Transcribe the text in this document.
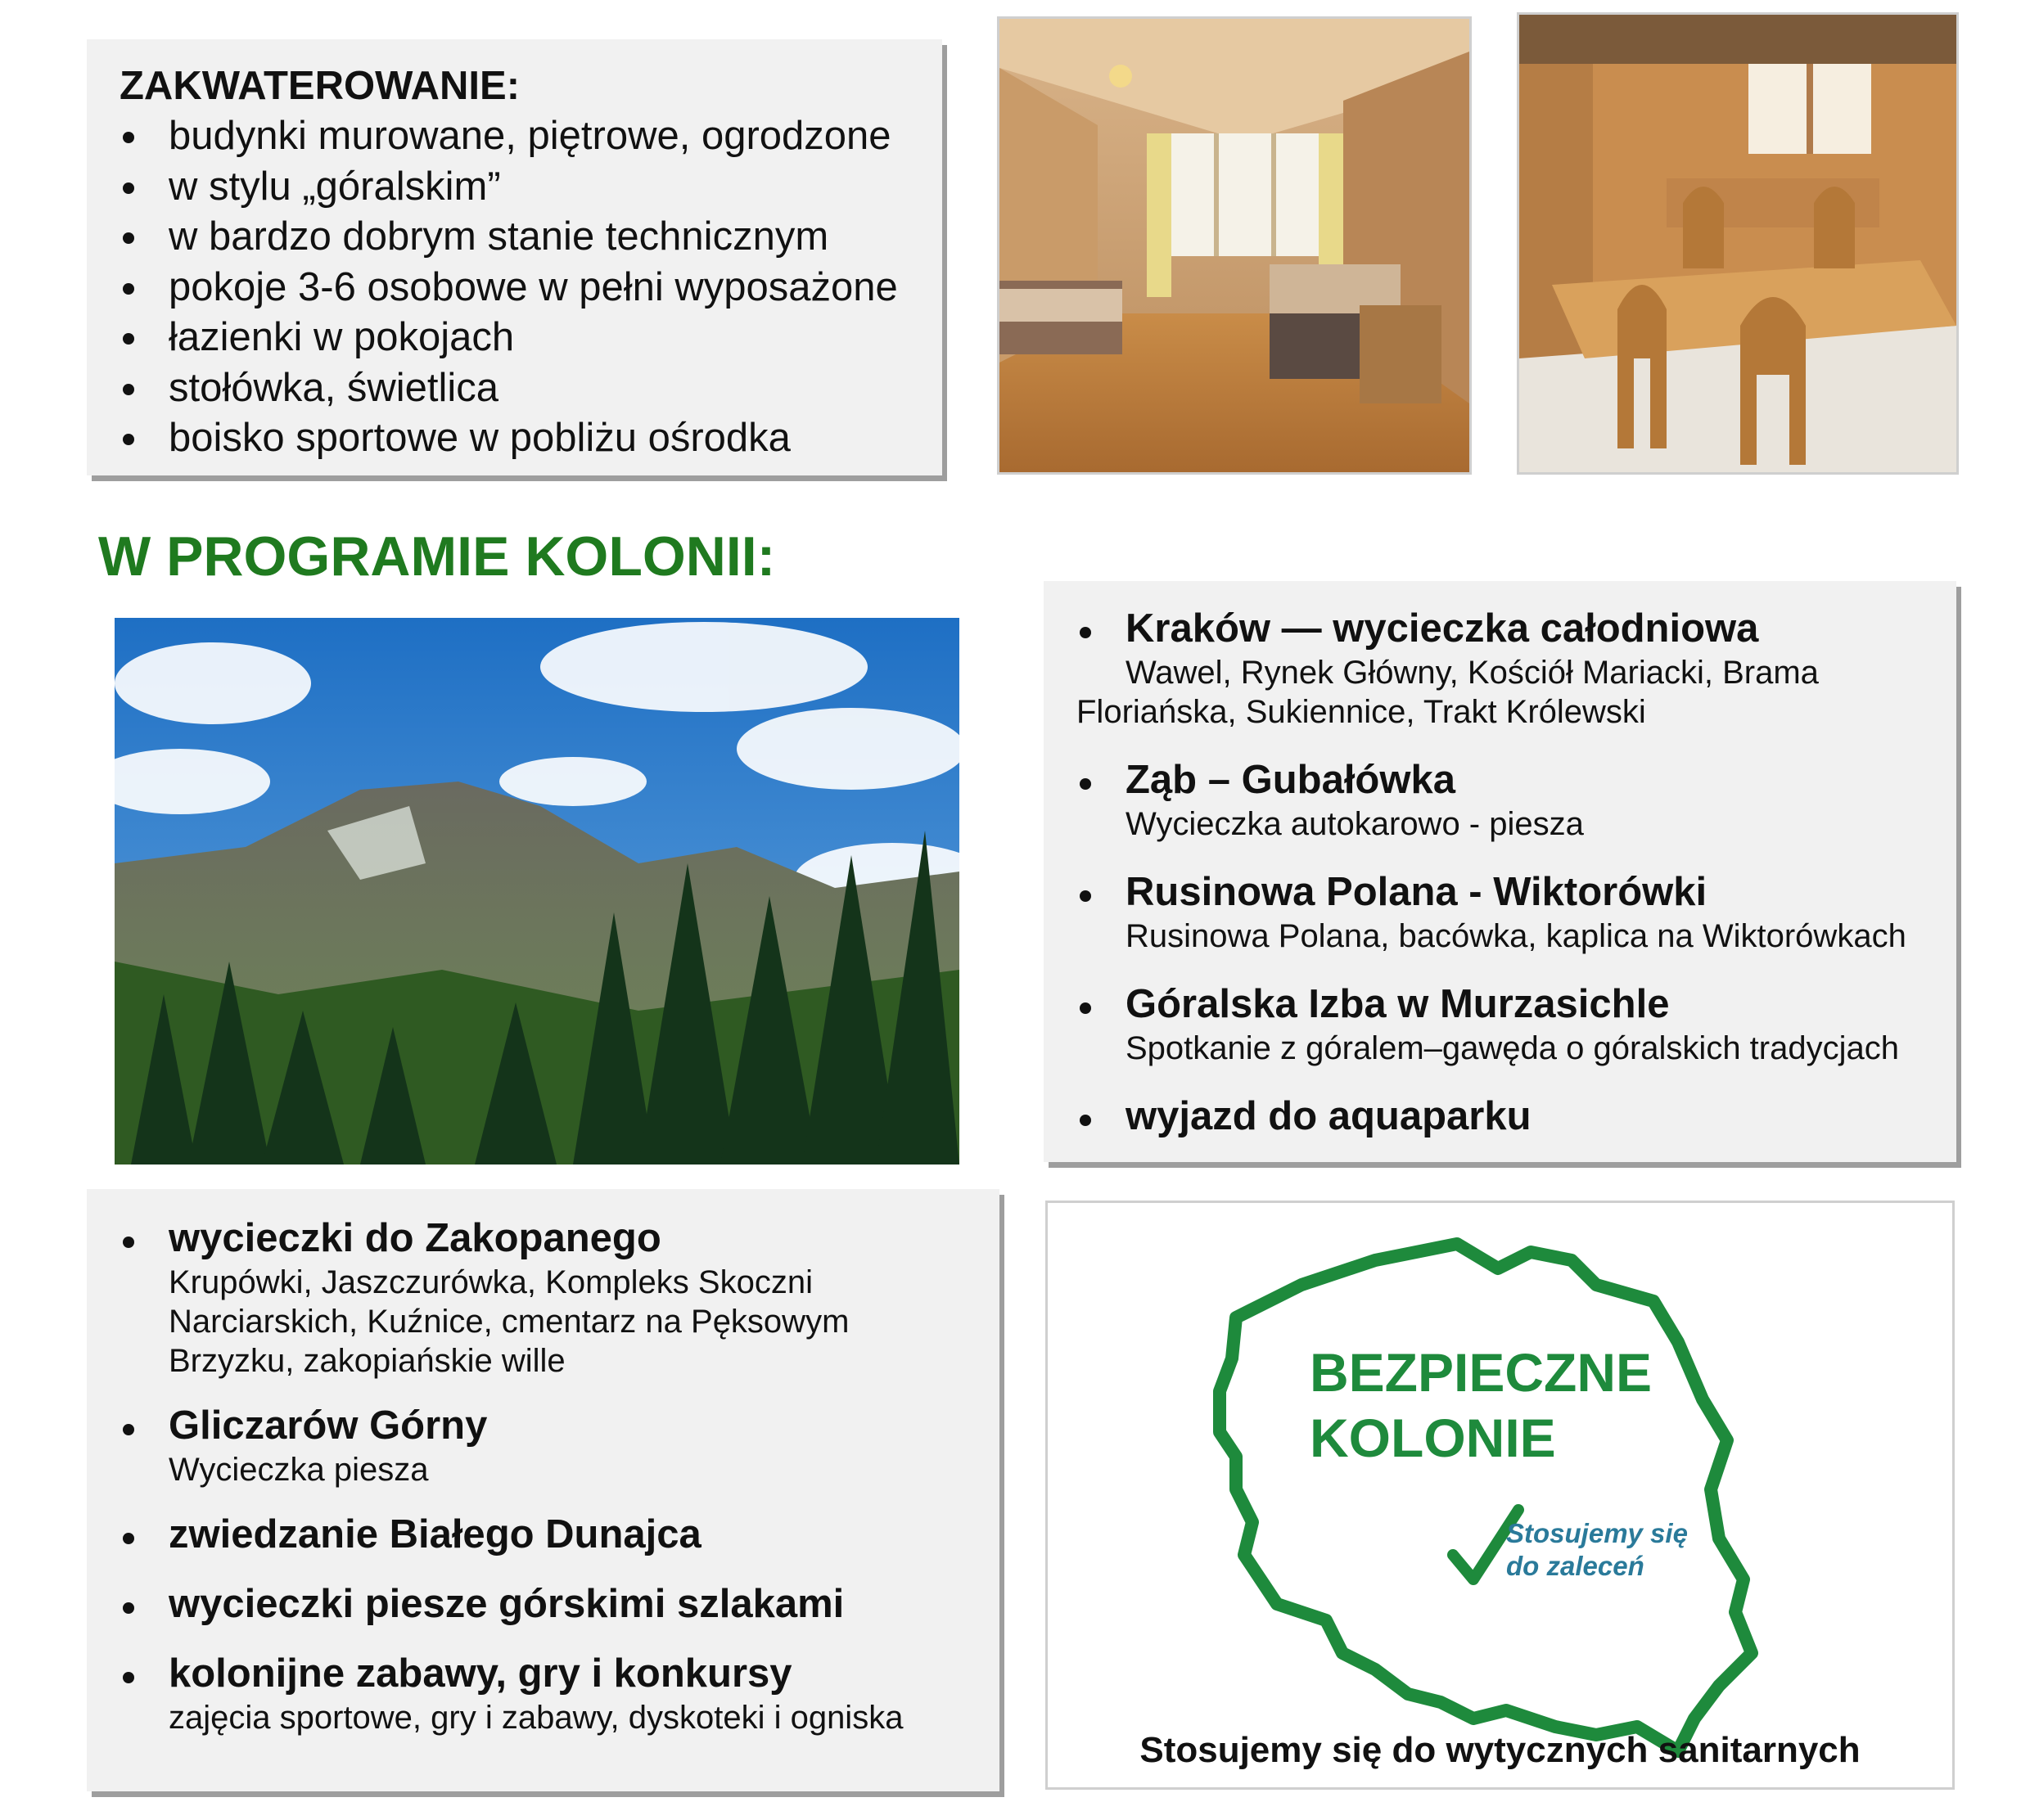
ZAKWATEROWANIE:
budynki murowane, piętrowe, ogrodzone
w stylu „góralskim”
w bardzo dobrym stanie technicznym
pokoje 3-6 osobowe w pełni wyposażone
łazienki w pokojach
stołówka, świetlica
boisko sportowe w pobliżu ośrodka
W PROGRAMIE KOLONII:
Kraków — wycieczka całodniowa
Wawel, Rynek Główny, Kościół Mariacki, Brama Floriańska, Sukiennice, Trakt Królewski
Ząb – Gubałówka
Wycieczka autokarowo - piesza
Rusinowa Polana - Wiktorówki
Rusinowa Polana, bacówka, kaplica na Wiktorówkach
Góralska Izba w Murzasichle
Spotkanie z góralem–gawęda o góralskich tradycjach
wyjazd do aquaparku
wycieczki do Zakopanego
Krupówki, Jaszczurówka, Kompleks Skoczni Narciarskich, Kuźnice, cmentarz na Pęksowym Brzyzku, zakopiańskie wille
Gliczarów Górny
Wycieczka piesza
zwiedzanie Białego Dunajca
wycieczki piesze górskimi szlakami
kolonijne zabawy, gry i konkursy
zajęcia sportowe, gry i zabawy, dyskoteki i ogniska
BEZPIECZNE
KOLONIE
Stosujemy się
do zaleceń
Stosujemy się do wytycznych sanitarnych
